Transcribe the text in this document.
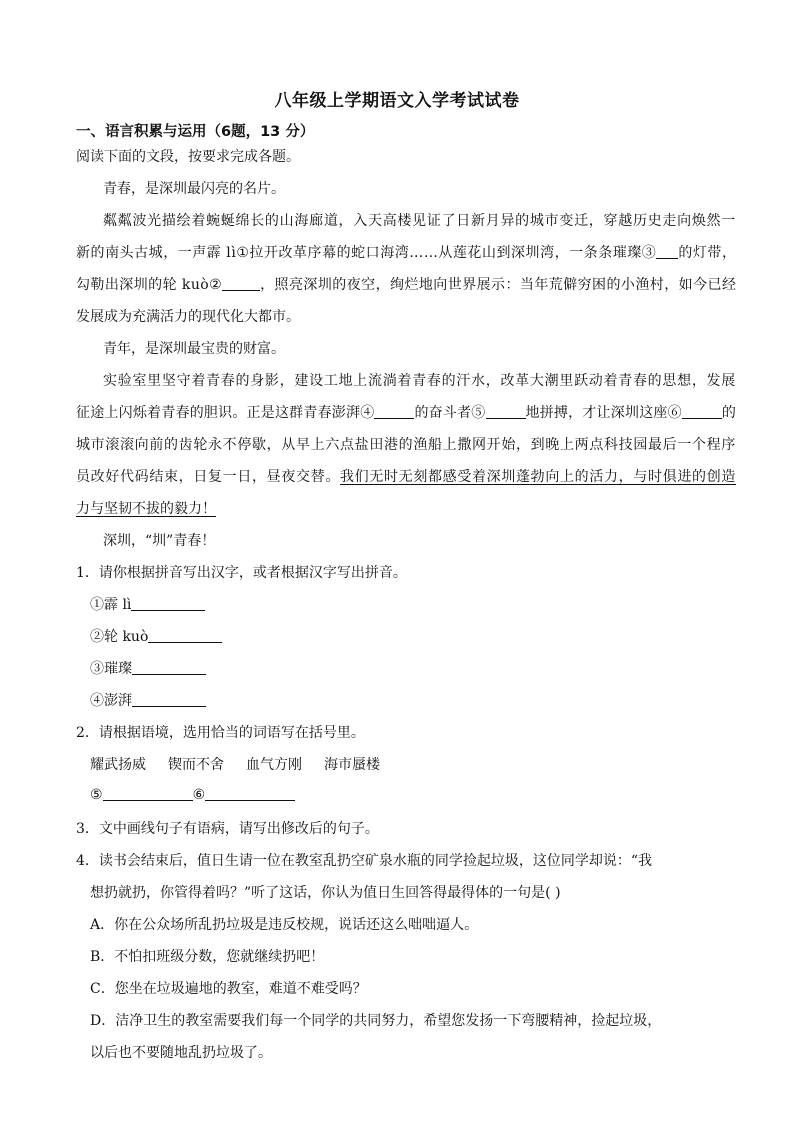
八年级上学期语文入学考试试卷
一、语言积累与运用（6题，13 分）
阅读下面的文段，按要求完成各题。
青春，是深圳最闪亮的名片。
粼粼波光描绘着蜿蜒绵长的山海廊道，入天高楼见证了日新月异的城市变迁，穿越历史走向焕然一
新的南头古城，一声霹 lì①拉开改革序幕的蛇口海湾……从莲花山到深圳湾，一条条璀璨③ 的灯带，
勾勒出深圳的轮 kuò②	，照亮深圳的夜空，绚烂地向世界展示：当年荒僻穷困的小渔村，如今已经
发展成为充满活力的现代化大都市。
青年，是深圳最宝贵的财富。
实验室里坚守着青春的身影，建设工地上流淌着青春的汗水，改革大潮里跃动着青春的思想，发展
征途上闪烁着青春的胆识。正是这群青春澎湃④	的奋斗者⑤	地拼搏，才让深圳这座⑥	的
城市滚滚向前的齿轮永不停歇，从早上六点盐田港的渔船上撒网开始，到晚上两点科技园最后一个程序
员改好代码结束，日复一日，昼夜交替。我们无时无刻都感受着深圳蓬勃向上的活力，与时俱进的创造
力与坚韧不拔的毅力！
深圳，“圳”青春！
1．请你根据拼音写出汉字，或者根据汉字写出拼音。
①霹 lì
②轮 kuò
③璀璨
④澎湃
2．请根据语境，选用恰当的词语写在括号里。
耀武扬威 锲而不舍 血气方刚 海市蜃楼
⑤	⑥
3．文中画线句子有语病，请写出修改后的句子。
4．读书会结束后，值日生请一位在教室乱扔空矿泉水瓶的同学捡起垃圾，这位同学却说：“我
想扔就扔，你管得着吗？”听了这话，你认为值日生回答得最得体的一句是( )
A．你在公众场所乱扔垃圾是违反校规，说话还这么咄咄逼人。
B．不怕扣班级分数，您就继续扔吧！
C．您坐在垃圾遍地的教室，难道不难受吗？
D．洁净卫生的教室需要我们每一个同学的共同努力，希望您发扬一下弯腰精神，捡起垃圾，
以后也不要随地乱扔垃圾了。
